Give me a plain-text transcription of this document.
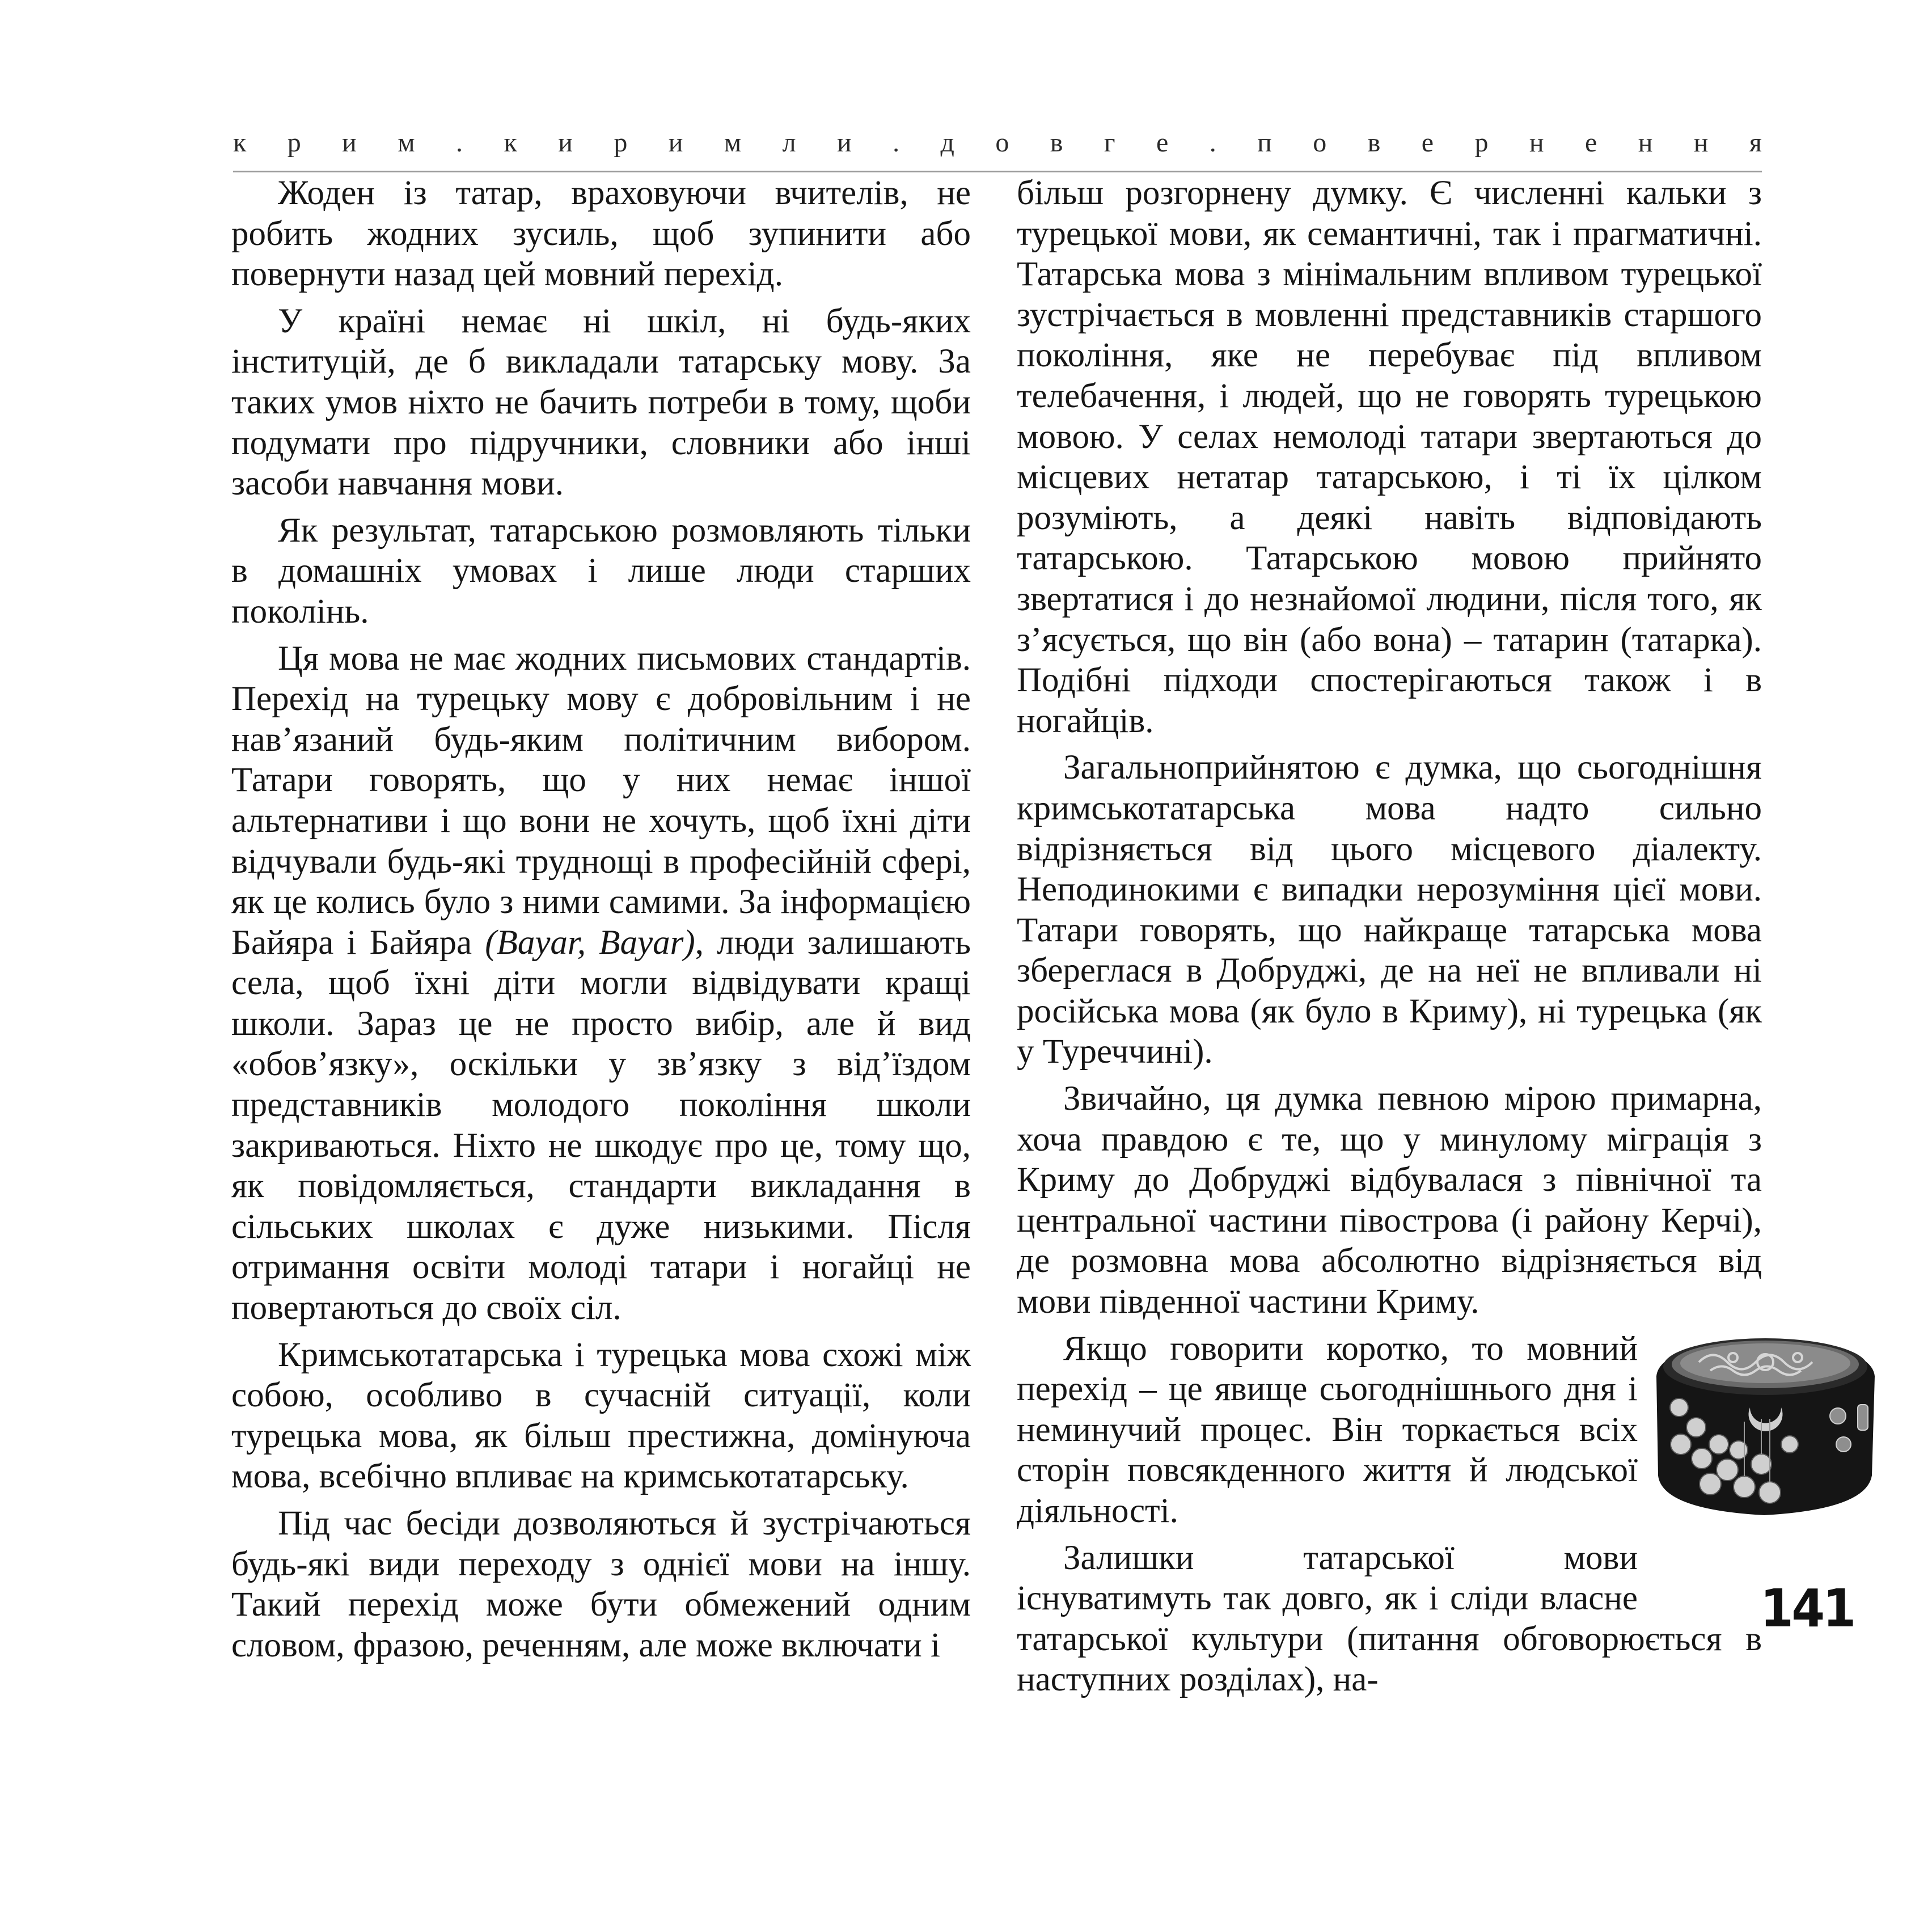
к р и м . к и р и м л и . д о в г е . п о в е р н е н н я

Жоден із татар, враховуючи вчителів, не робить жодних зусиль, щоб зупинити або повернути назад цей мовний перехід.

У країні немає ні шкіл, ні будь-яких інституцій, де б викладали татарську мову. За таких умов ніхто не бачить потреби в тому, щоби подумати про підручники, словники або інші засоби навчання мови.

Як результат, татарською розмовляють тільки в домашніх умовах і лише люди старших поколінь.

Ця мова не має жодних письмових стандартів. Перехід на турецьку мову є добровільним і не нав’язаний будь-яким політичним вибором. Татари говорять, що у них немає іншої альтернативи і що вони не хочуть, щоб їхні діти відчували будь-які труднощі в професійній сфері, як це колись було з ними самими. За інформацією Байяра і Байяра (Bayar, Bayar), люди залишають села, щоб їхні діти могли відвідувати кращі школи. Зараз це не просто вибір, але й вид «обов’язку», оскільки у зв’язку з від’їздом представників молодого покоління школи закриваються. Ніхто не шкодує про це, тому що, як повідомляється, стандарти викладання в сільських школах є дуже низькими. Після отримання освіти молоді татари і ногайці не повертаються до своїх сіл.

Кримськотатарська і турецька мова схожі між собою, особливо в сучасній ситуації, коли турецька мова, як більш престижна, домінуюча мова, всебічно впливає на кримськотатарську.

Під час бесіди дозволяються й зустрічаються будь-які види переходу з однієї мови на іншу. Такий перехід може бути обмежений одним словом, фразою, реченням, але може включати і

більш розгорнену думку. Є численні кальки з турецької мови, як семантичні, так і прагматичні. Татарська мова з мінімальним впливом турецької зустрічається в мовленні представників старшого покоління, яке не перебуває під впливом телебачення, і людей, що не говорять турецькою мовою. У селах немолоді татари звертаються до місцевих нетатар татарською, і ті їх цілком розуміють, а деякі навіть відповідають татарською. Татарською мовою прийнято звертатися і до незнайомої людини, після того, як з’ясується, що він (або вона) – татарин (татарка). Подібні підходи спостерігаються також і в ногайців.

Загальноприйнятою є думка, що сьогоднішня кримськотатарська мова надто сильно відрізняється від цього місцевого діалекту. Неподинокими є випадки нерозуміння цієї мови. Татари говорять, що найкраще татарська мова збереглася в Добруджі, де на неї не впливали ні російська мова (як було в Криму), ні турецька (як у Туреччині).

Звичайно, ця думка певною мірою примарна, хоча правдою є те, що у минулому міграція з Криму до Добруджі відбувалася з північної та центральної частини півострова (і району Керчі), де розмовна мова абсолютно відрізняється від мови південної частини Криму.

Якщо говорити коротко, то мовний перехід – це явище сьогоднішнього дня і неминучий процес. Він торкається всіх сторін повсякденного життя й людської діяльності.

Залишки татарської мови існуватимуть так довго, як і сліди власне татарської культури (питання обговорюється в наступних розділах), на-

141
